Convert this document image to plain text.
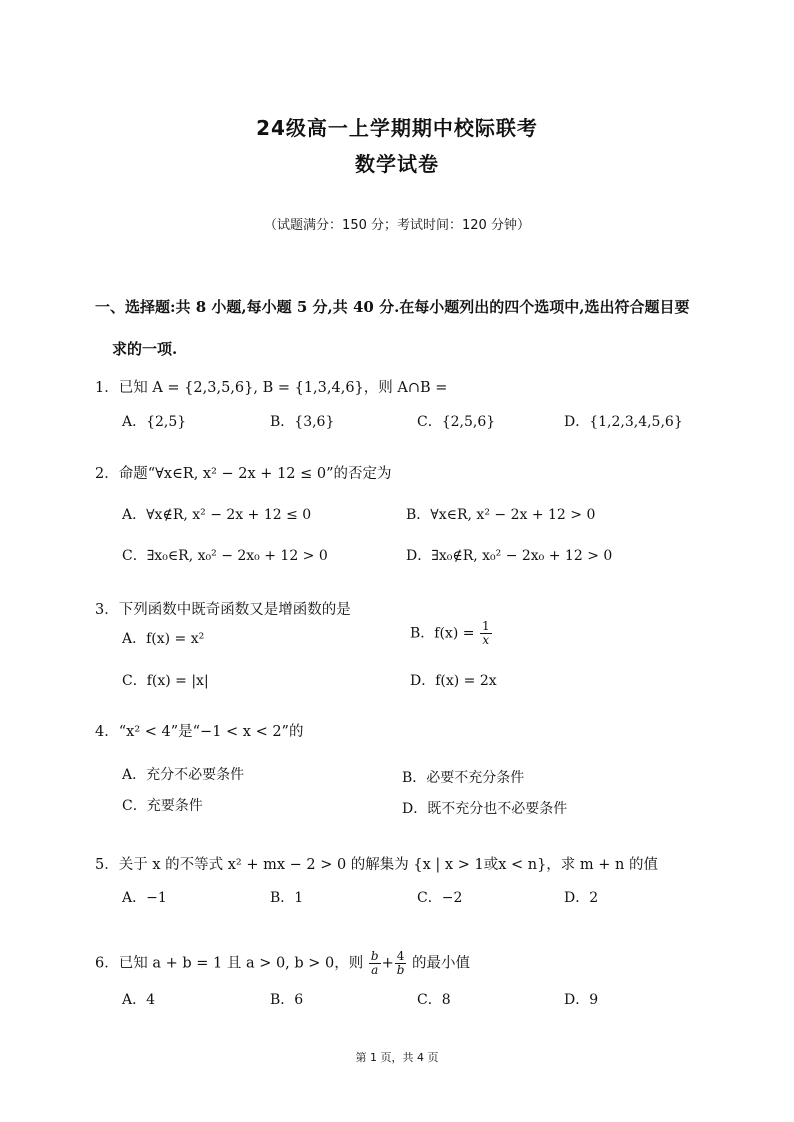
24级高一上学期期中校际联考
数学试卷
（试题满分：150 分；考试时间：120 分钟）
一、选择题:共 8 小题,每小题 5 分,共 40 分.在每小题列出的四个选项中,选出符合题目要
求的一项.
1．已知 A = {2,3,5,6}, B = {1,3,4,6}，则 A∩B =
A．{2,5}	B．{3,6}	C．{2,5,6}	D．{1,2,3,4,5,6}
2．命题“∀x∈R, x² − 2x + 12 ≤ 0”的否定为
A．∀x∉R, x² − 2x + 12 ≤ 0	B．∀x∈R, x² − 2x + 12 > 0
C．∃x₀∈R, x₀² − 2x₀ + 12 > 0	D．∃x₀∉R, x₀² − 2x₀ + 12 > 0
3．下列函数中既奇函数又是增函数的是
A．f(x) = x²	B．$f(x) = \frac{1}{x}$
C．f(x) = |x|	D．f(x) = 2x
4．“x² < 4”是“−1 < x < 2”的
A．充分不必要条件	B．必要不充分条件
C．充要条件	D．既不充分也不必要条件
5．关于 x 的不等式 x² + mx − 2 > 0 的解集为 {x | x > 1或x < n}，求 m + n 的值
A．−1	B．1	C．−2	D．2
6．已知 a + b = 1 且 a > 0, b > 0，则 $\frac{b}{a} + \frac{4}{b}$ 的最小值
A．4	B．6	C．8	D．9
第 1 页，共 4 页
